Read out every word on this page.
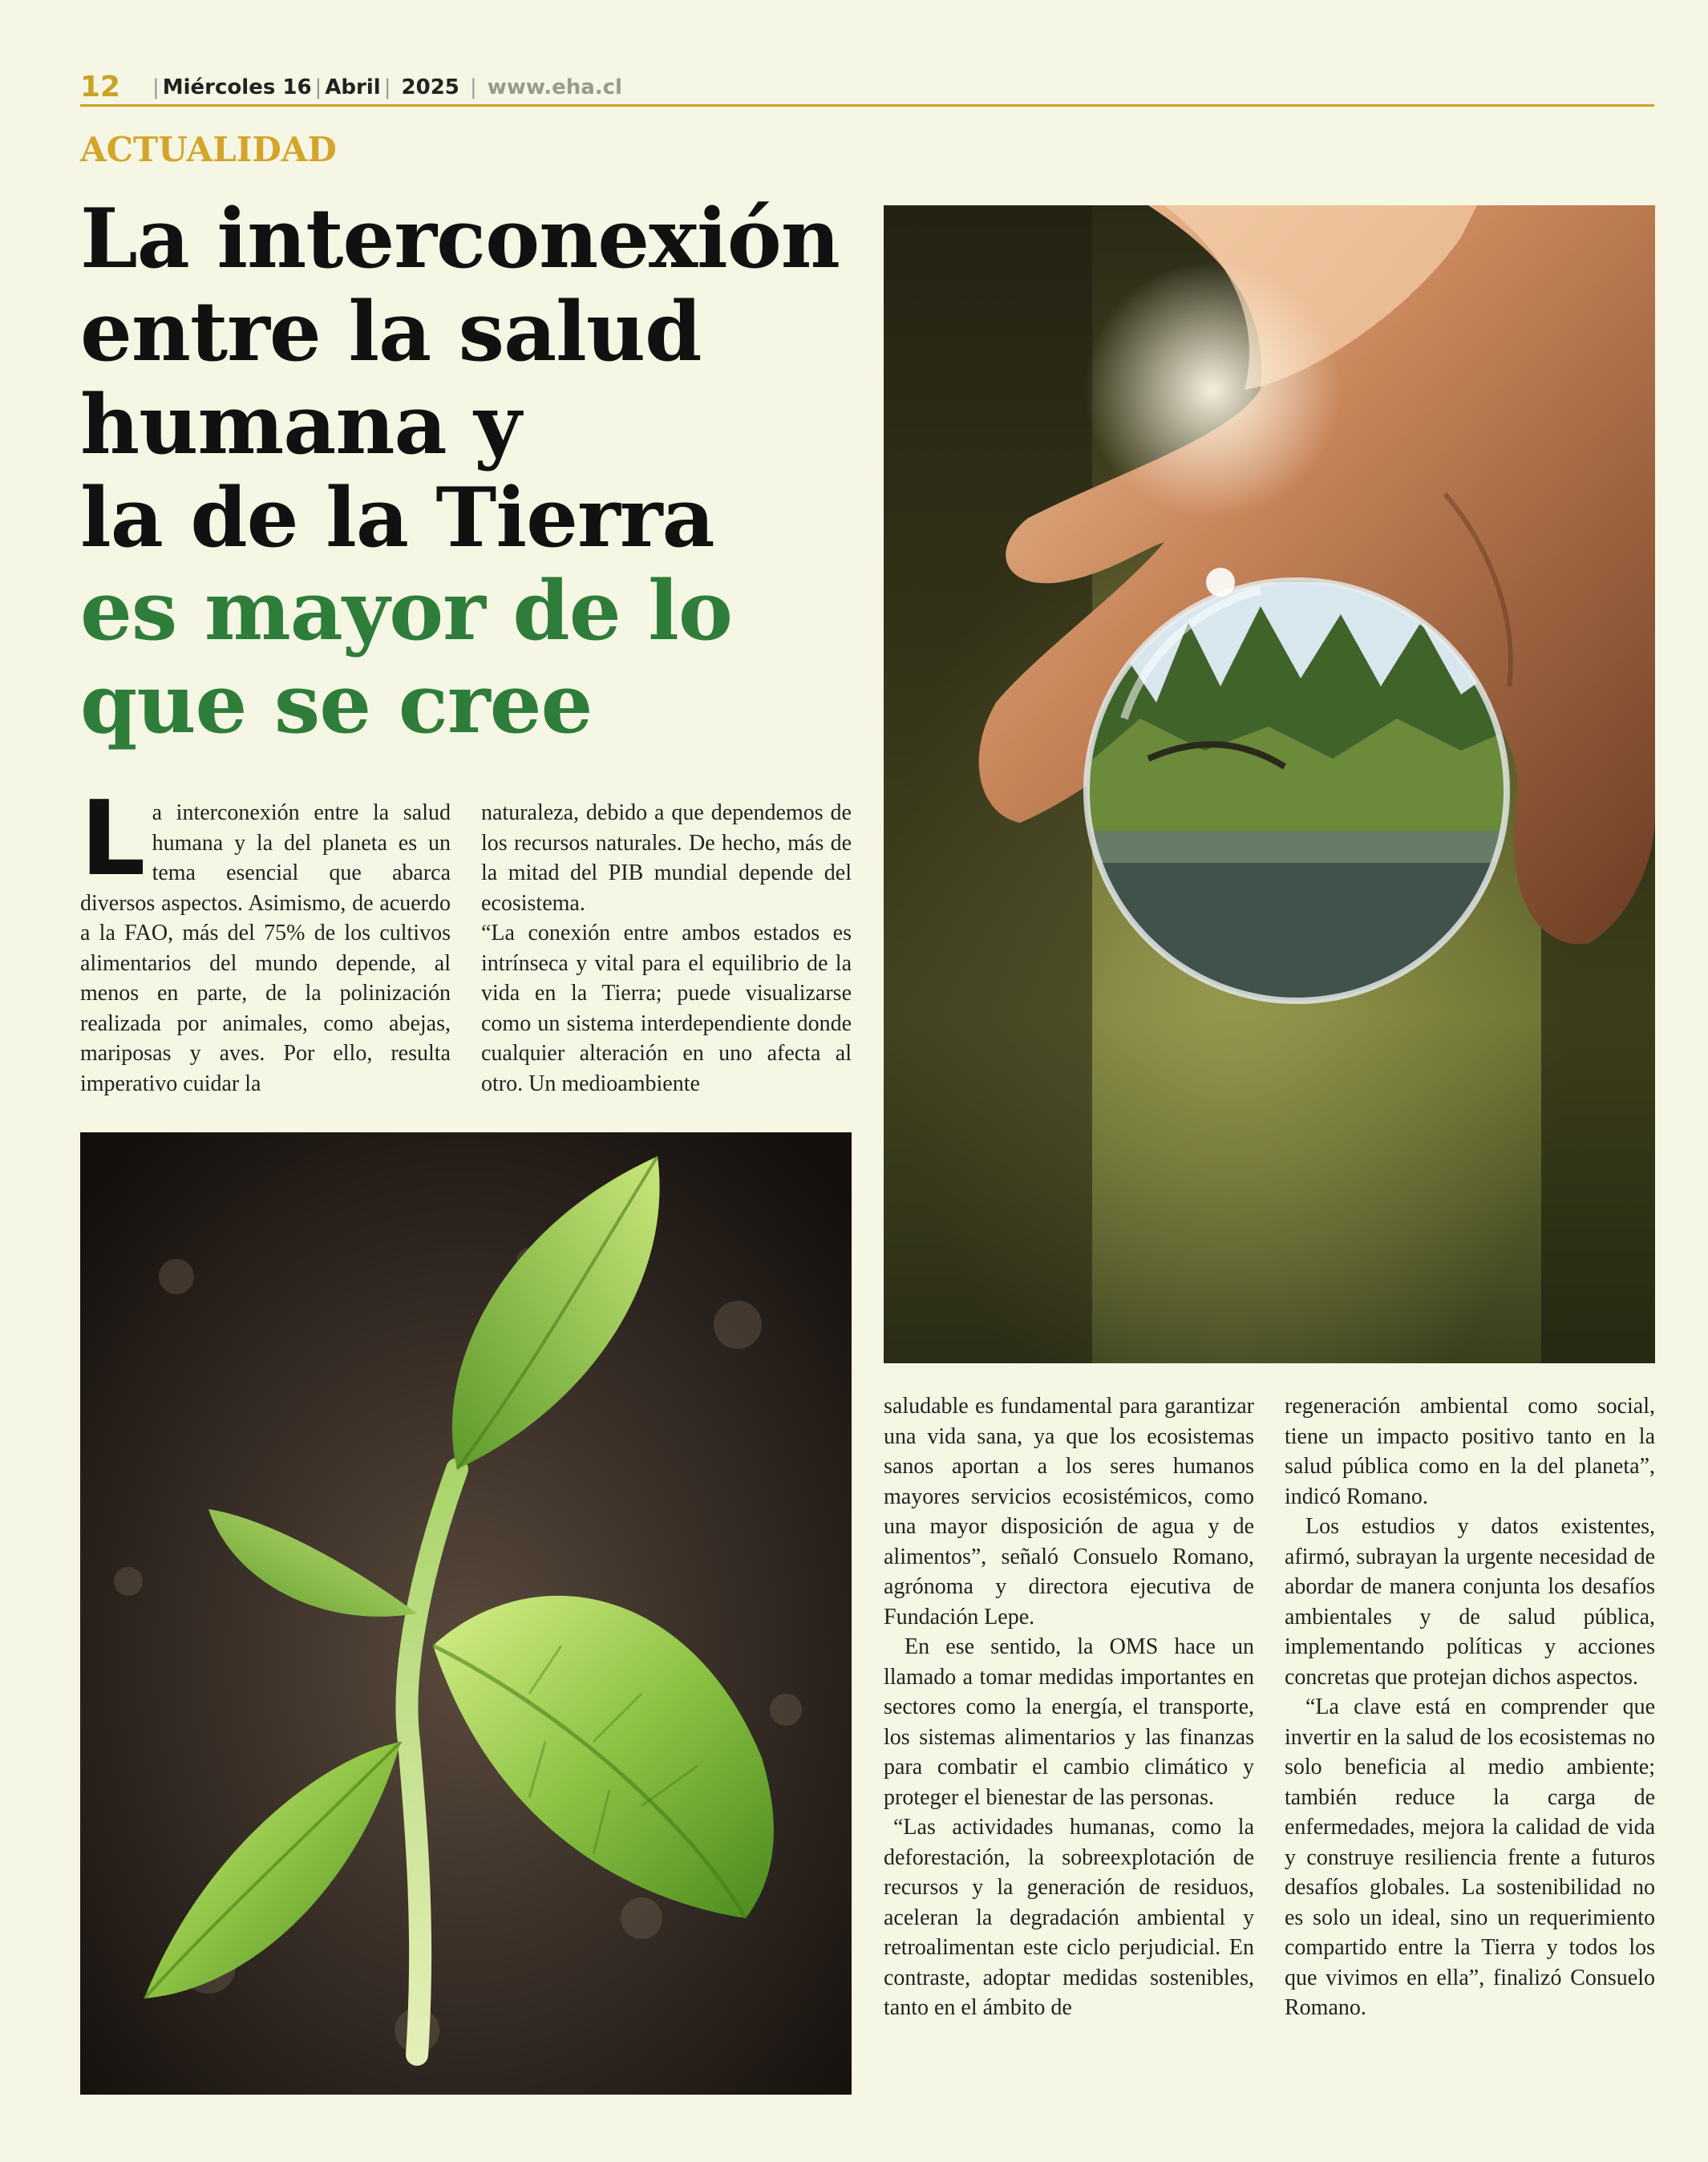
12 | Miércoles 16 | Abril | 2025 | www.eha.cl
ACTUALIDAD
La interconexión
entre la salud
humana y
la de la Tierra
es mayor de lo
que se cree

La interconexión entre la salud humana y la del planeta es un tema esencial que abarca diversos aspectos. Asimismo, de acuerdo a la FAO, más del 75% de los cultivos alimentarios del mundo depende, al menos en parte, de la polinización realizada por animales, como abejas, mariposas y aves. Por ello, resulta imperativo cuidar la

naturaleza, debido a que dependemos de los recursos naturales. De hecho, más de la mitad del PIB mundial depende del ecosistema.

“La conexión entre ambos estados es intrínseca y vital para el equilibrio de la vida en la Tierra; puede visualizarse como un sistema interdependiente donde cualquier alteración en uno afecta al otro. Un medioambiente

saludable es fundamental para garantizar una vida sana, ya que los ecosistemas sanos aportan a los seres humanos mayores servicios ecosistémicos, como una mayor disposición de agua y de alimentos”, señaló Consuelo Romano, agrónoma y directora ejecutiva de Fundación Lepe.

En ese sentido, la OMS hace un llamado a tomar medidas importantes en sectores como la energía, el transporte, los sistemas alimentarios y las finanzas para combatir el cambio climático y proteger el bienestar de las personas.

“Las actividades humanas, como la deforestación, la sobreexplotación de recursos y la generación de residuos, aceleran la degradación ambiental y retroalimentan este ciclo perjudicial. En contraste, adoptar medidas sostenibles, tanto en el ámbito de

regeneración ambiental como social, tiene un impacto positivo tanto en la salud pública como en la del planeta”, indicó Romano.

Los estudios y datos existentes, afirmó, subrayan la urgente necesidad de abordar de manera conjunta los desafíos ambientales y de salud pública, implementando políticas y acciones concretas que protejan dichos aspectos.

“La clave está en comprender que invertir en la salud de los ecosistemas no solo beneficia al medio ambiente; también reduce la carga de enfermedades, mejora la calidad de vida y construye resiliencia frente a futuros desafíos globales. La sostenibilidad no es solo un ideal, sino un requerimiento compartido entre la Tierra y todos los que vivimos en ella”, finalizó Consuelo Romano.
